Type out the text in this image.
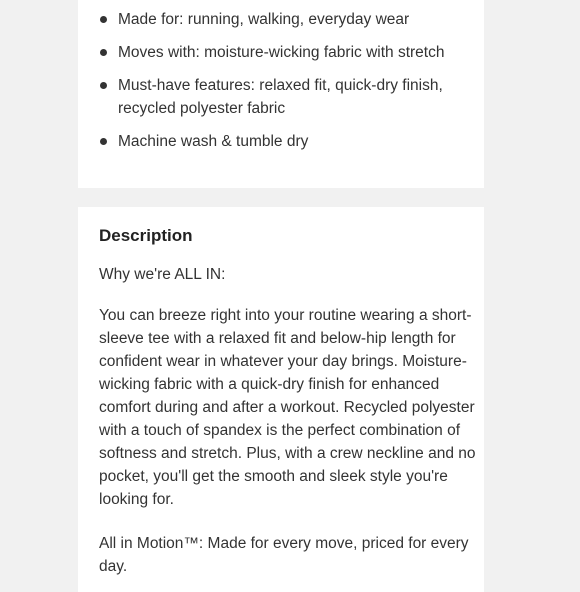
Made for: running, walking, everyday wear
Moves with: moisture-wicking fabric with stretch
Must-have features: relaxed fit, quick-dry finish, recycled polyester fabric
Machine wash & tumble dry
Description

Why we're ALL IN:

You can breeze right into your routine wearing a short-sleeve tee with a relaxed fit and below-hip length for confident wear in whatever your day brings. Moisture-wicking fabric with a quick-dry finish for enhanced comfort during and after a workout. Recycled polyester with a touch of spandex is the perfect combination of softness and stretch. Plus, with a crew neckline and no pocket, you'll get the smooth and sleek style you're looking for.

All in Motion™: Made for every move, priced for every day.
